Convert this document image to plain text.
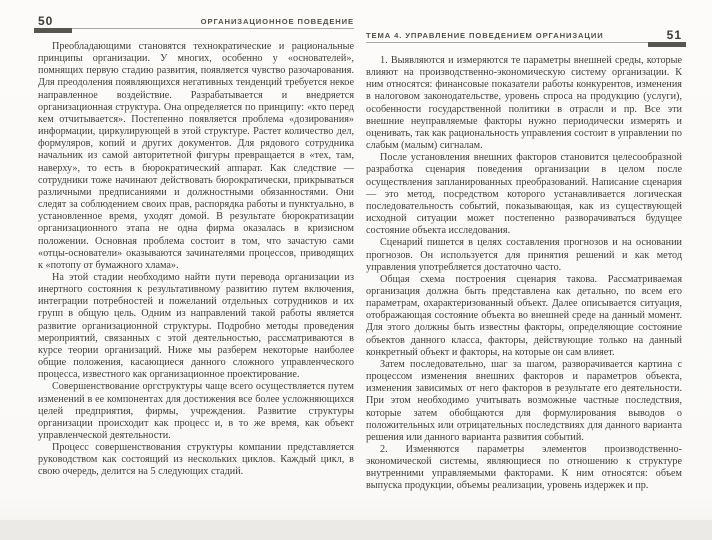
50	ОРГАНИЗАЦИОННОЕ ПОВЕДЕНИЕ

Преобладающими становятся технократические и рациональные принципы организации. У многих, особенно у «основателей», помнящих первую стадию развития, появляется чувство разочарования. Для преодоления появляющихся негативных тенденций требуется некое направленное воздействие. Разрабатывается и внедряется организационная структура. Она определяется по принципу: «кто перед кем отчитывается». Постепенно появляется проблема «дозирования» информации, циркулирующей в этой структуре. Растет количество дел, формуляров, копий и других документов. Для рядового сотрудника начальник из самой авторитетной фигуры превращается в «тех, там, наверху», то есть в бюрократический аппарат. Как следствие — сотрудники тоже начинают действовать бюрократически, прикрываться различными предписаниями и должностными обязанностями. Они следят за соблюдением своих прав, распорядка работы и пунктуально, в установленное время, уходят домой. В результате бюрократизации организационного этапа не одна фирма оказалась в кризисном положении. Основная проблема состоит в том, что зачастую сами «отцы-основатели» оказываются зачинателями процессов, приводящих к «потопу от бумажного хлама».

На этой стадии необходимо найти пути перевода организации из инертного состояния к результативному развитию путем включения, интеграции потребностей и пожеланий отдельных сотрудников и их групп в общую цель. Одним из направлений такой работы является развитие организационной структуры. Подробно методы проведения мероприятий, связанных с этой деятельностью, рассматриваются в курсе теории организаций. Ниже мы разберем некоторые наиболее общие положения, касающиеся данного сложного управленческого процесса, известного как организационное проектирование.

Совершенствование оргструктуры чаще всего осуществляется путем изменений в ее компонентах для достижения все более усложняющихся целей предприятия, фирмы, учреждения. Развитие структуры организации происходит как процесс и, в то же время, как объект управленческой деятельности.

Процесс совершенствования структуры компании представляется руководством как состоящий из нескольких циклов. Каждый цикл, в свою очередь, делится на 5 следующих стадий.

ТЕМА 4. УПРАВЛЕНИЕ ПОВЕДЕНИЕМ ОРГАНИЗАЦИИ	51

1. Выявляются и измеряются те параметры внешней среды, которые влияют на производственно-экономическую систему организации. К ним относятся: финансовые показатели работы конкурентов, изменения в налоговом законодательстве, уровень спроса на продукцию (услуги), особенности государственной политики в отрасли и пр. Все эти внешние неуправляемые факторы нужно периодически измерять и оценивать, так как рациональность управления состоит в управлении по слабым (малым) сигналам.

После установления внешних факторов становится целесообразной разработка сценария поведения организации в целом после осуществления запланированных преобразований. Написание сценария — это метод, посредством которого устанавливается логическая последовательность событий, показывающая, как из существующей исходной ситуации может постепенно разворачиваться будущее состояние объекта исследования.

Сценарий пишется в целях составления прогнозов и на основании прогнозов. Он используется для принятия решений и как метод управления употребляется достаточно часто.

Общая схема построения сценария такова. Рассматриваемая организация должна быть представлена как детально, по всем его параметрам, охарактеризованный объект. Далее описывается ситуация, отображающая состояние объекта во внешней среде на данный момент. Для этого должны быть известны факторы, определяющие состояние объектов данного класса, факторы, действующие только на данный конкретный объект и факторы, на которые он сам влияет.

Затем последовательно, шаг за шагом, разворачивается картина с процессом изменения внешних факторов и параметров объекта, изменения зависимых от него факторов в результате его деятельности. При этом необходимо учитывать возможные частные последствия, которые затем обобщаются для формулирования выводов о положительных или отрицательных последствиях для данного варианта решения или данного варианта развития событий.

2. Изменяются параметры элементов производственно-экономической системы, являющиеся по отношению к структуре внутренними управляемыми факторами. К ним относятся: объем выпуска продукции, объемы реализации, уровень издержек и пр.
